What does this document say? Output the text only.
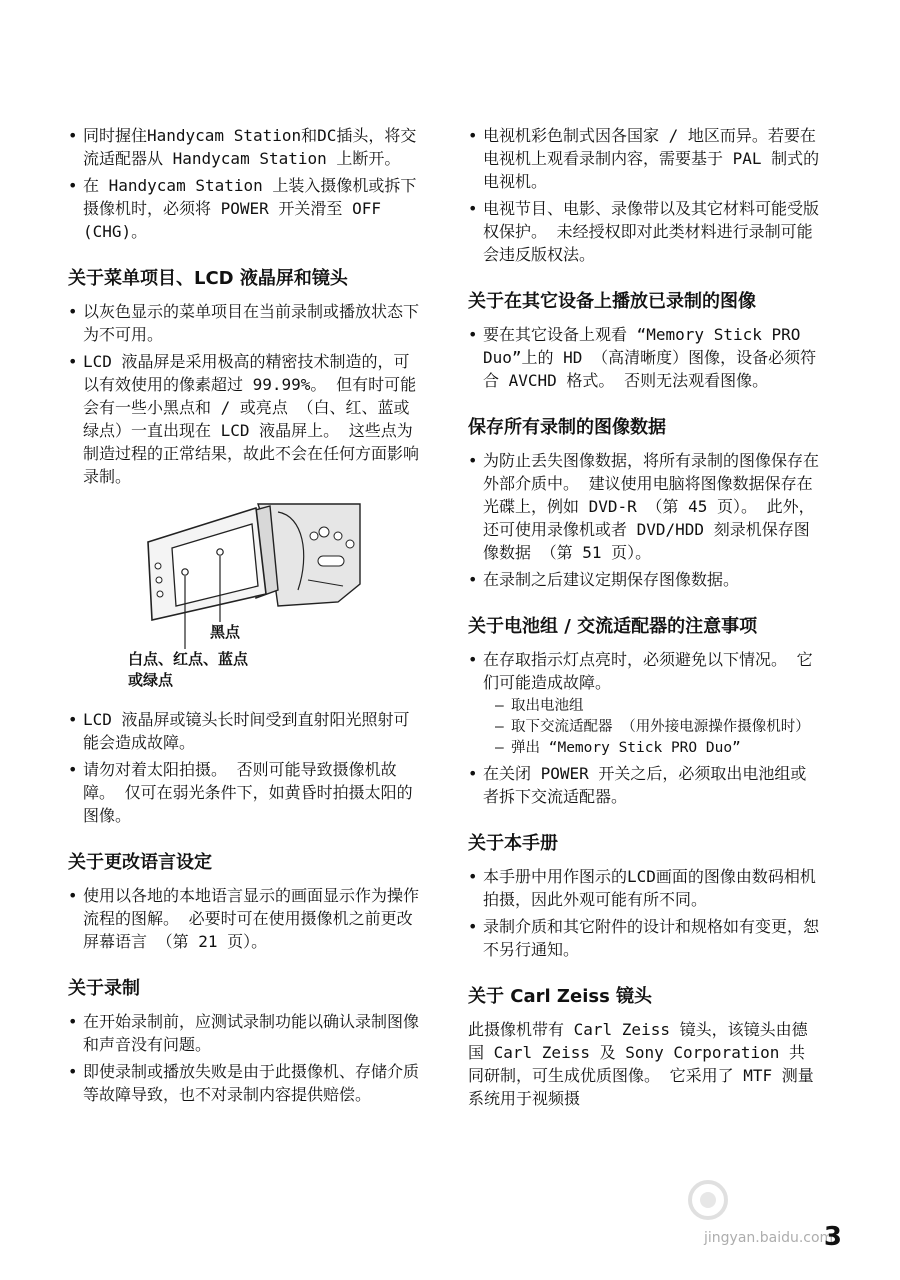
• 同时握住Handycam Station和DC插头，将交流适配器从 Handycam Station 上断开。
• 在 Handycam Station 上装入摄像机或拆下摄像机时，必须将 POWER 开关滑至 OFF (CHG)。
关于菜单项目、LCD 液晶屏和镜头
• 以灰色显示的菜单项目在当前录制或播放状态下为不可用。
• LCD 液晶屏是采用极高的精密技术制造的，可以有效使用的像素超过 99.99%。 但有时可能会有一些小黑点和 / 或亮点 （白、红、蓝或绿点）一直出现在 LCD 液晶屏上。 这些点为制造过程的正常结果，故此不会在任何方面影响录制。
黑点
白点、红点、蓝点
或绿点
• LCD 液晶屏或镜头长时间受到直射阳光照射可能会造成故障。
• 请勿对着太阳拍摄。 否则可能导致摄像机故障。 仅可在弱光条件下，如黄昏时拍摄太阳的图像。
关于更改语言设定
• 使用以各地的本地语言显示的画面显示作为操作流程的图解。 必要时可在使用摄像机之前更改屏幕语言 （第 21 页）。
关于录制
• 在开始录制前，应测试录制功能以确认录制图像和声音没有问题。
• 即使录制或播放失败是由于此摄像机、存储介质等故障导致，也不对录制内容提供赔偿。
• 电视机彩色制式因各国家 / 地区而异。若要在电视机上观看录制内容，需要基于 PAL 制式的电视机。
• 电视节目、电影、录像带以及其它材料可能受版权保护。 未经授权即对此类材料进行录制可能会违反版权法。
关于在其它设备上播放已录制的图像
• 要在其它设备上观看 “Memory Stick PRO Duo”上的 HD （高清晰度）图像，设备必须符合 AVCHD 格式。 否则无法观看图像。
保存所有录制的图像数据
• 为防止丢失图像数据，将所有录制的图像保存在外部介质中。 建议使用电脑将图像数据保存在光碟上，例如 DVD-R （第 45 页）。 此外，还可使用录像机或者 DVD/HDD 刻录机保存图像数据 （第 51 页）。
• 在录制之后建议定期保存图像数据。
关于电池组 / 交流适配器的注意事项
• 在存取指示灯点亮时，必须避免以下情况。 它们可能造成故障。
– 取出电池组
– 取下交流适配器 （用外接电源操作摄像机时）
– 弹出 “Memory Stick PRO Duo”
• 在关闭 POWER 开关之后，必须取出电池组或者拆下交流适配器。
关于本手册
• 本手册中用作图示的LCD画面的图像由数码相机拍摄，因此外观可能有所不同。
• 录制介质和其它附件的设计和规格如有变更，恕不另行通知。
关于 Carl Zeiss 镜头

此摄像机带有 Carl Zeiss 镜头，该镜头由德国 Carl Zeiss 及 Sony Corporation 共同研制，可生成优质图像。 它采用了 MTF 测量系统用于视频摄

jingyan.baidu.com
3
